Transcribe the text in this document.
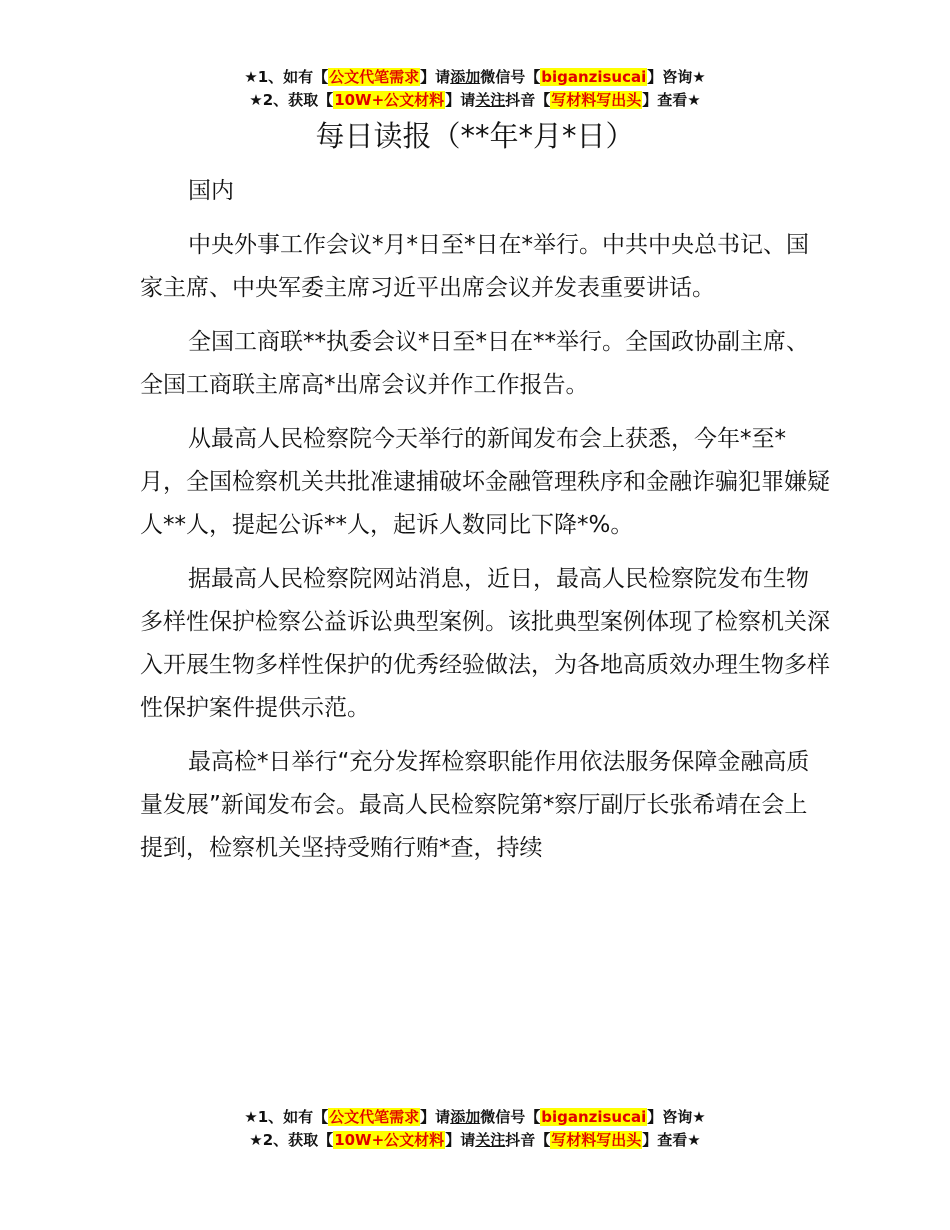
★1、如有【公文代笔需求】请添加微信号【biganzisucai】咨询★
★2、获取【10W+公文材料】请关注抖音【写材料写出头】查看★
每日读报（**年*月*日）

国内

中央外事工作会议*月*日至*日在*举行。中共中央总书记、国家主席、中央军委主席习近平出席会议并发表重要讲话。

全国工商联**执委会议*日至*日在**举行。全国政协副主席、全国工商联主席高*出席会议并作工作报告。

从最高人民检察院今天举行的新闻发布会上获悉，今年*至*月，全国检察机关共批准逮捕破坏金融管理秩序和金融诈骗犯罪嫌疑人**人，提起公诉**人，起诉人数同比下降*%。

据最高人民检察院网站消息，近日，最高人民检察院发布生物多样性保护检察公益诉讼典型案例。该批典型案例体现了检察机关深入开展生物多样性保护的优秀经验做法，为各地高质效办理生物多样性保护案件提供示范。

最高检*日举行“充分发挥检察职能作用依法服务保障金融高质量发展”新闻发布会。最高人民检察院第*察厅副厅长张希靖在会上提到，检察机关坚持受贿行贿*查，持续

★1、如有【公文代笔需求】请添加微信号【biganzisucai】咨询★
★2、获取【10W+公文材料】请关注抖音【写材料写出头】查看★
